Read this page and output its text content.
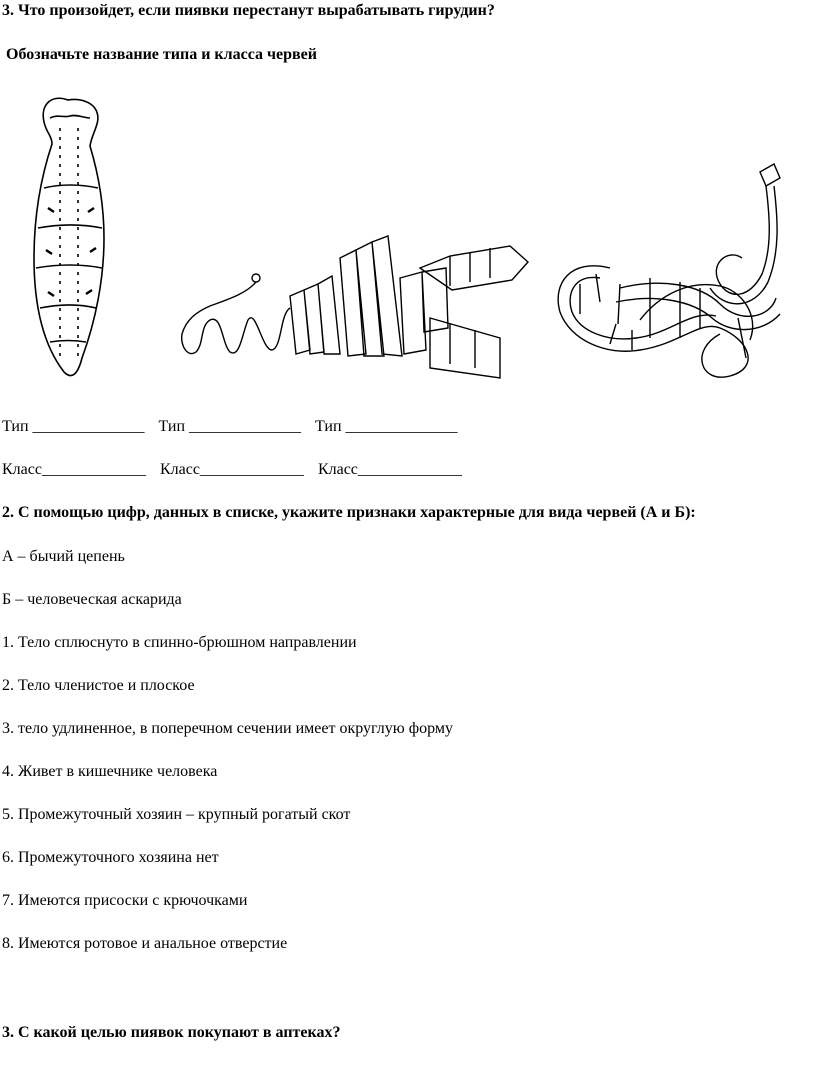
3. Что произойдет, если пиявки перестанут вырабатывать гирудин?
Обозначьте название типа и класса червей
Тип ______________ Тип ______________ Тип ______________
Класс_____________ Класс_____________ Класс_____________
2. С помощью цифр, данных в списке, укажите признаки характерные для вида червей (А и Б):
А – бычий цепень
Б – человеческая аскарида
1. Тело сплюснуто в спинно-брюшном направлении
2. Тело членистое и плоское
3. тело удлиненное, в поперечном сечении имеет округлую форму
4. Живет в кишечнике человека
5. Промежуточный хозяин – крупный рогатый скот
6. Промежуточного хозяина нет
7. Имеются присоски с крючочками
8. Имеются ротовое и анальное отверстие
3. С какой целью пиявок покупают в аптеках?
